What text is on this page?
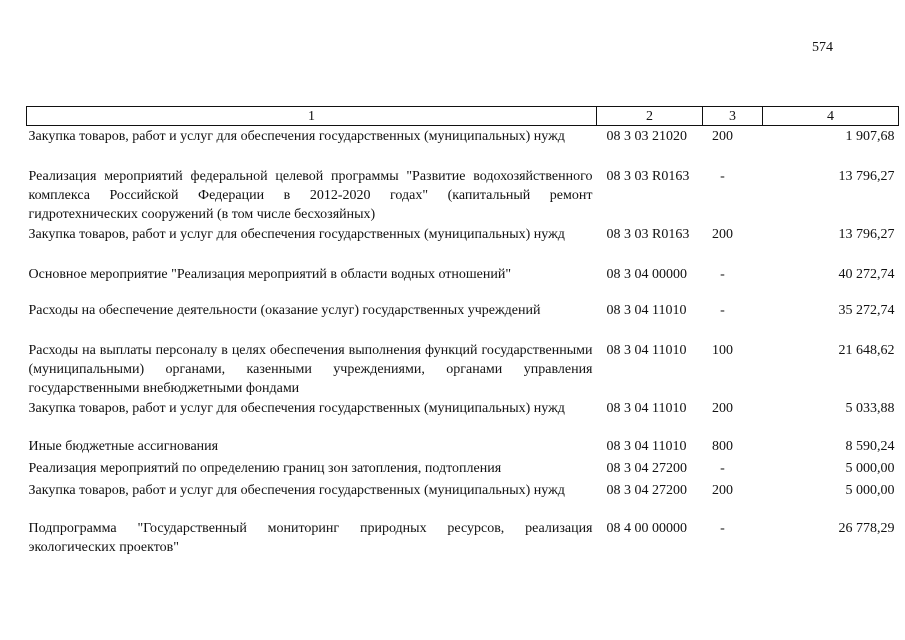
574
1	2	3	4
Закупка товаров, работ и услуг для обеспечения государственных (муниципальных) нужд	08 3 03 21020	200	1 907,68
Реализация мероприятий федеральной целевой программы "Развитие водохозяйственного комплекса Российской Федерации в 2012-2020 годах" (капитальный ремонт гидротехнических сооружений (в том числе бесхозяйных)	08 3 03 R0163	-	13 796,27
Закупка товаров, работ и услуг для обеспечения государственных (муниципальных) нужд	08 3 03 R0163	200	13 796,27
Основное мероприятие "Реализация мероприятий в области водных отношений"	08 3 04 00000	-	40 272,74
Расходы на обеспечение деятельности (оказание услуг) государственных учреждений	08 3 04 11010	-	35 272,74
Расходы на выплаты персоналу в целях обеспечения выполнения функций государственными (муниципальными) органами, казенными учреждениями, органами управления государственными внебюджетными фондами	08 3 04 11010	100	21 648,62
Закупка товаров, работ и услуг для обеспечения государственных (муниципальных) нужд	08 3 04 11010	200	5 033,88
Иные бюджетные ассигнования	08 3 04 11010	800	8 590,24
Реализация мероприятий по определению границ зон затопления, подтопления	08 3 04 27200	-	5 000,00
Закупка товаров, работ и услуг для обеспечения государственных (муниципальных) нужд	08 3 04 27200	200	5 000,00
Подпрограмма "Государственный мониторинг природных ресурсов, реализация экологических проектов"	08 4 00 00000	-	26 778,29
